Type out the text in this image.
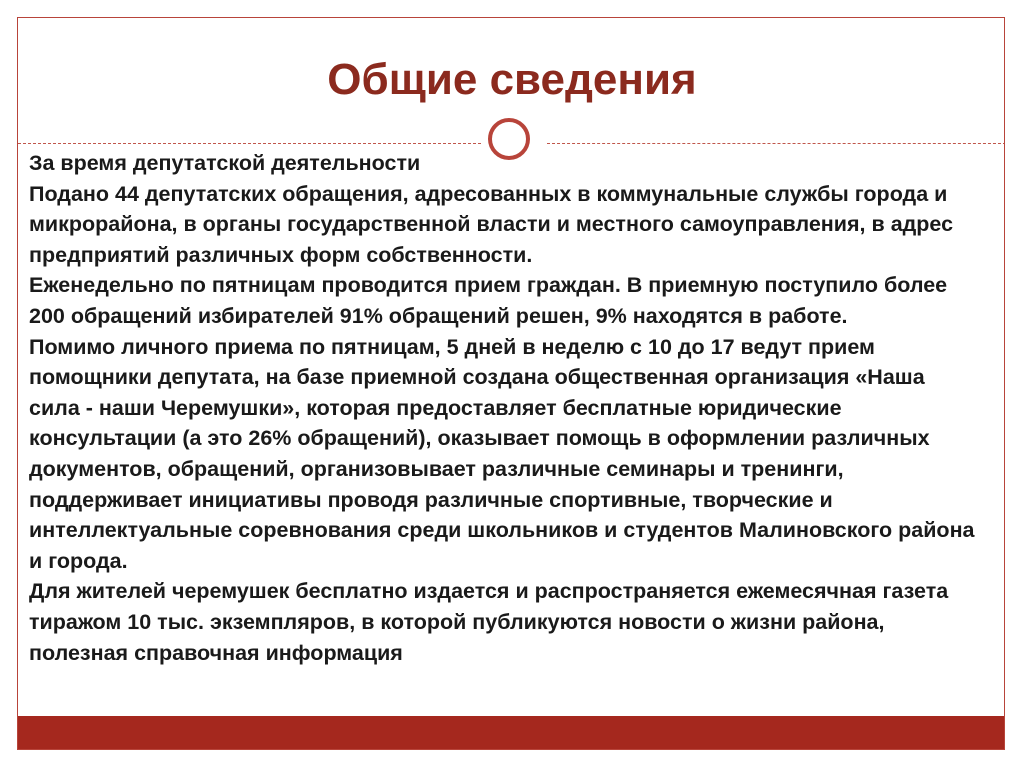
Общие сведения

За время депутатской деятельности

Подано 44 депутатских обращения, адресованных в коммунальные службы города и микрорайона, в органы государственной власти и местного самоуправления, в адрес предприятий различных форм собственности.

Еженедельно по пятницам проводится прием граждан. В приемную поступило более 200 обращений избирателей 91% обращений решен, 9% находятся в работе.

Помимо личного приема по пятницам, 5 дней в неделю с 10 до 17 ведут прием помощники депутата, на базе приемной создана общественная организация «Наша сила - наши Черемушки», которая предоставляет бесплатные юридические консультации (а это 26% обращений), оказывает помощь в оформлении различных документов, обращений, организовывает различные семинары и тренинги, поддерживает инициативы проводя различные спортивные, творческие и интеллектуальные соревнования среди школьников и студентов Малиновского района и города.

Для жителей черемушек бесплатно издается и распространяется ежемесячная газета тиражом 10 тыс. экземпляров, в которой публикуются новости о жизни района, полезная справочная информация
